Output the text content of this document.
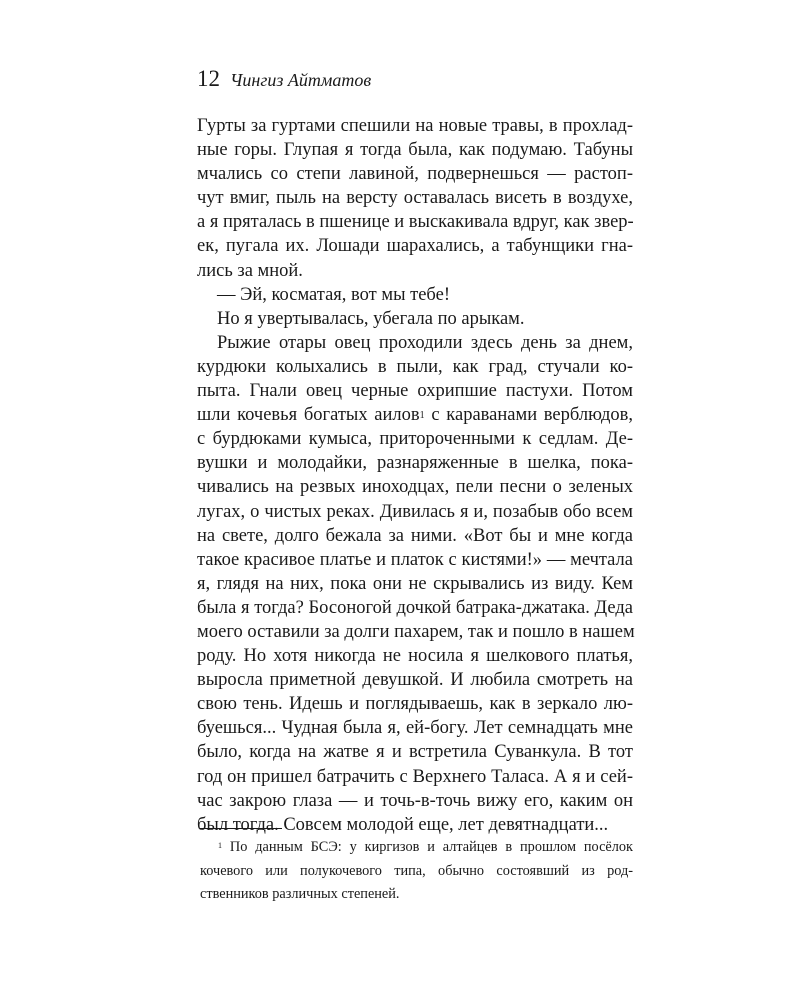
12 Чингиз Айтматов
Гурты за гуртами спешили на новые травы, в прохлад-
ные горы. Глупая я тогда была, как подумаю. Табуны
мчались со степи лавиной, подвернешься — растоп-
чут вмиг, пыль на версту оставалась висеть в воздухе,
а я пряталась в пшенице и выскакивала вдруг, как звер-
ек, пугала их. Лошади шарахались, а табунщики гна-
лись за мной.
— Эй, косматая, вот мы тебе!
Но я увертывалась, убегала по арыкам.
Рыжие отары овец проходили здесь день за днем,
курдюки колыхались в пыли, как град, стучали ко-
пыта. Гнали овец черные охрипшие пастухи. Потом
шли кочевья богатых аилов$^1$ с караванами верблюдов,
с бурдюками кумыса, притороченными к седлам. Де-
вушки и молодайки, разнаряженные в шелка, пока-
чивались на резвых иноходцах, пели песни о зеленых
лугах, о чистых реках. Дивилась я и, позабыв обо всем
на свете, долго бежала за ними. «Вот бы и мне когда
такое красивое платье и платок с кистями!» — мечтала
я, глядя на них, пока они не скрывались из виду. Кем
была я тогда? Босоногой дочкой батрака-джатака. Деда
моего оставили за долги пахарем, так и пошло в нашем
роду. Но хотя никогда не носила я шелкового платья,
выросла приметной девушкой. И любила смотреть на
свою тень. Идешь и поглядываешь, как в зеркало лю-
буешься... Чудная была я, ей-богу. Лет семнадцать мне
было, когда на жатве я и встретила Суванкула. В тот
год он пришел батрачить с Верхнего Таласа. А я и сей-
час закрою глаза — и точь-в-точь вижу его, каким он
был тогда. Совсем молодой еще, лет девятнадцати...
$^1$ По данным БСЭ: у киргизов и алтайцев в прошлом посёлок
кочевого или полукочевого типа, обычно состоявший из род-
ственников различных степеней.
